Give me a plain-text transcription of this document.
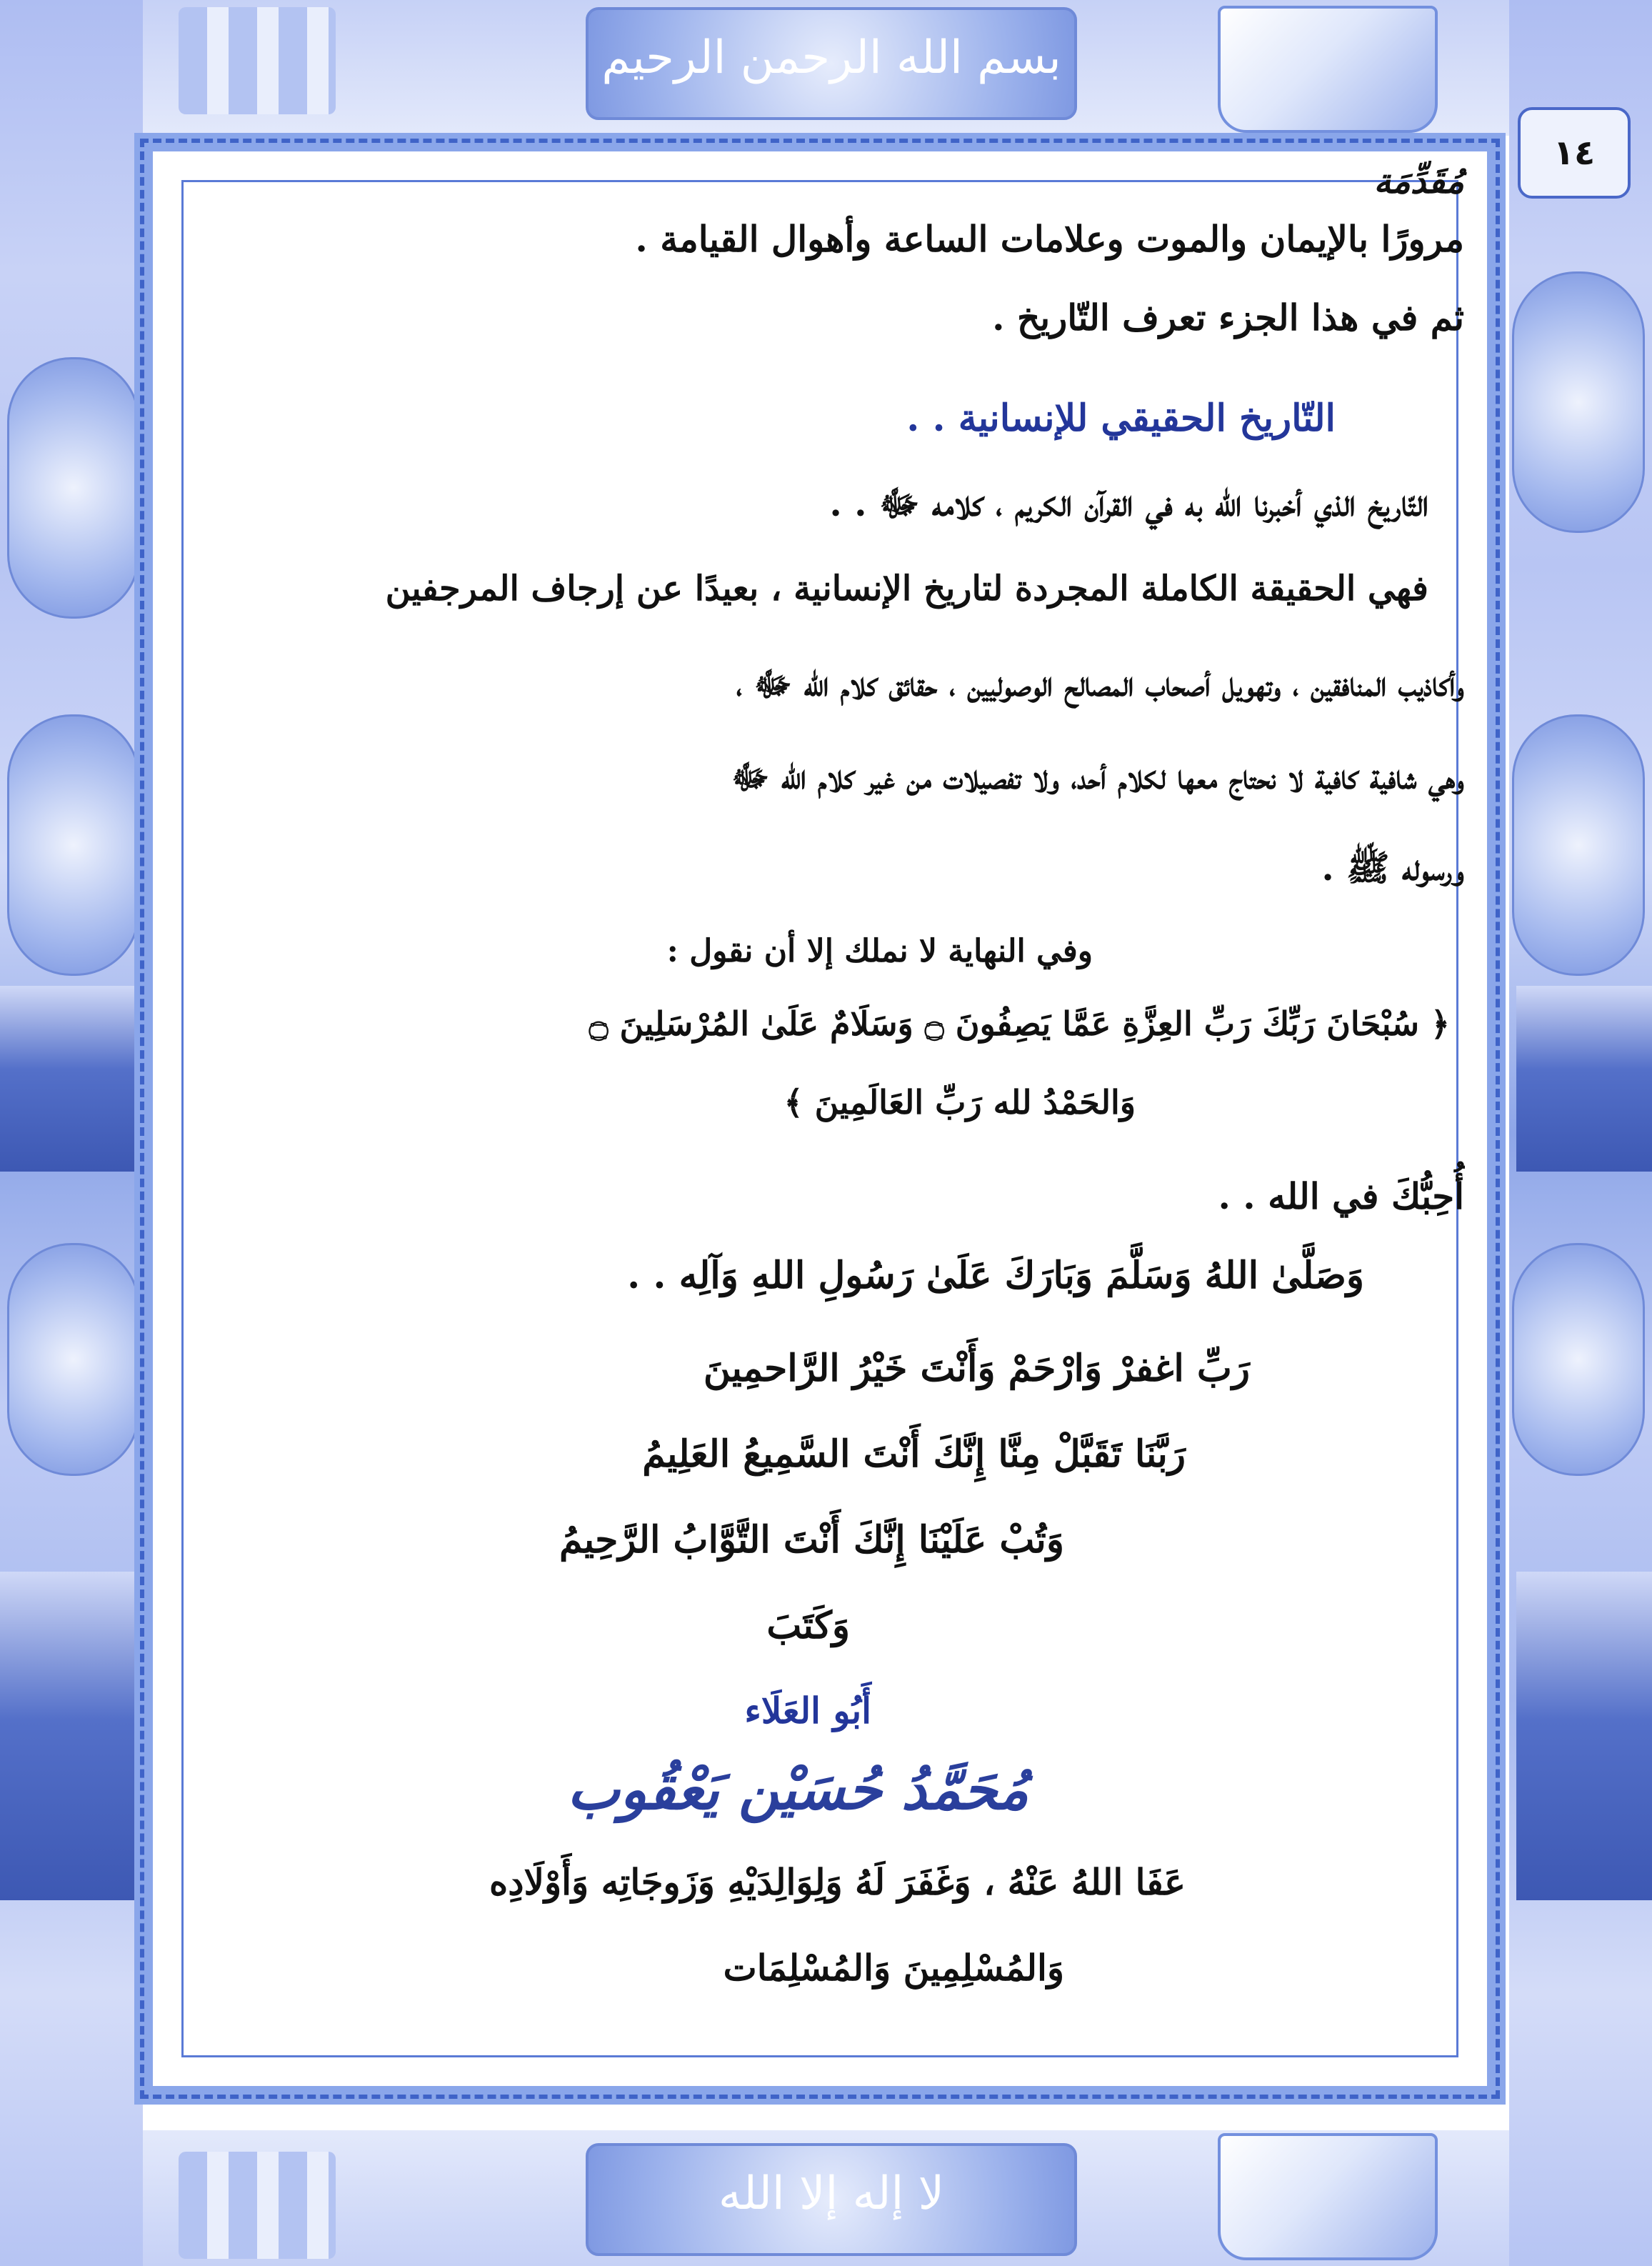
بسم الله الرحمن الرحيم
لا إله إلا الله
١٤
مُقَدِّمَة
مرورًا بالإيمان والموت وعلامات الساعة وأهوال القيامة .
ثم في هذا الجزء تعرف التّاريخ .
التّاريخ الحقيقي للإنسانية . .
التّاريخ الذي أخبرنا الله به في القرآن الكريم ، كلامه ﷻ . .
فهي الحقيقة الكاملة المجردة لتاريخ الإنسانية ، بعيدًا عن إرجاف المرجفين
وأكاذيب المنافقين ، وتهويل أصحاب المصالح الوصوليين ، حقائق كلام الله ﷻ ،
وهي شافية كافية لا نحتاج معها لكلام أحد، ولا تفصيلات من غير كلام الله ﷻ
ورسوله ﷺ .
وفي النهاية لا نملك إلا أن نقول :
﴿ سُبْحَانَ رَبِّكَ رَبِّ العِزَّةِ عَمَّا يَصِفُونَ ۝ وَسَلَامٌ عَلَىٰ المُرْسَلِينَ ۝
وَالحَمْدُ لله رَبِّ العَالَمِينَ ﴾
أُحِبُّكَ في الله . .
وَصَلَّىٰ اللهُ وَسَلَّمَ وَبَارَكَ عَلَىٰ رَسُولِ اللهِ وَآلِه . .
رَبِّ اغفرْ وَارْحَمْ وَأَنْتَ خَيْرُ الرَّاحمِينَ
رَبَّنَا تَقَبَّلْ مِنَّا إِنَّكَ أَنْتَ السَّمِيعُ العَلِيمُ
وَتُبْ عَلَيْنَا إِنَّكَ أَنْتَ التَّوَّابُ الرَّحِيمُ
وَكَتَبَ
أَبُو العَلَاء
مُحَمَّدُ حُسَيْن يَعْقُوب
عَفَا اللهُ عَنْهُ ، وَغَفَرَ لَهُ وَلِوَالِدَيْهِ وَزَوجَاتِه وَأَوْلَادِه
وَالمُسْلِمِينَ وَالمُسْلِمَات
